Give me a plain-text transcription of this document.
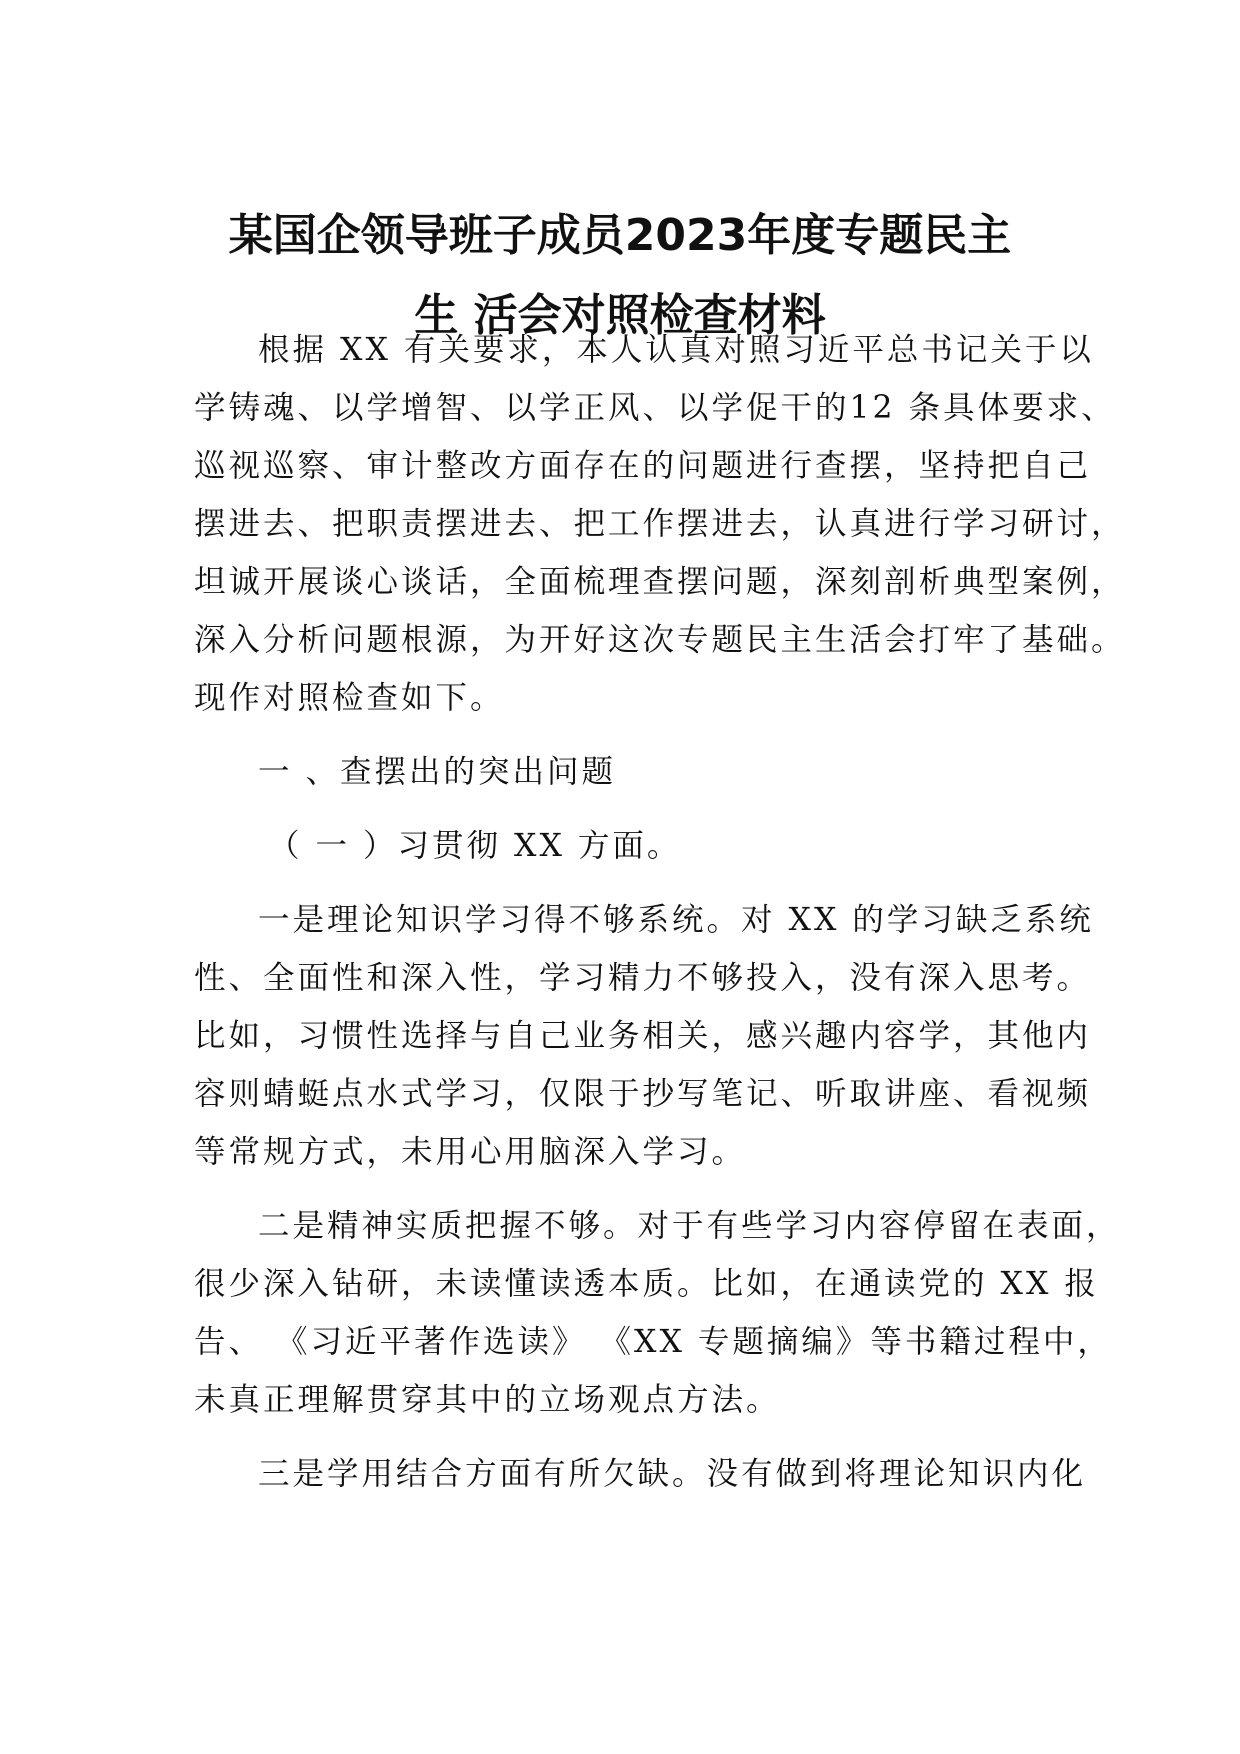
某国企领导班子成员2023年度专题民主
生 活会对照检查材料

根据 XX 有关要求，本人认真对照习近平总书记关于以

学铸魂、以学增智、以学正风、以学促干的12 条具体要求、

巡视巡察、审计整改方面存在的问题进行查摆，坚持把自己

摆进去、把职责摆进去、把工作摆进去，认真进行学习研讨，

坦诚开展谈心谈话，全面梳理查摆问题，深刻剖析典型案例，

深入分析问题根源，为开好这次专题民主生活会打牢了基础。

现作对照检查如下。

一 、查摆出的突出问题

（ 一 ）习贯彻 XX 方面。

一是理论知识学习得不够系统。对 XX 的学习缺乏系统

性、全面性和深入性，学习精力不够投入，没有深入思考。

比如，习惯性选择与自己业务相关，感兴趣内容学，其他内

容则蜻蜓点水式学习，仅限于抄写笔记、听取讲座、看视频

等常规方式，未用心用脑深入学习。

二是精神实质把握不够。对于有些学习内容停留在表面，

很少深入钻研，未读懂读透本质。比如，在通读党的 XX 报

告、 《习近平著作选读》 《XX 专题摘编》等书籍过程中，

未真正理解贯穿其中的立场观点方法。

三是学用结合方面有所欠缺。没有做到将理论知识内化
